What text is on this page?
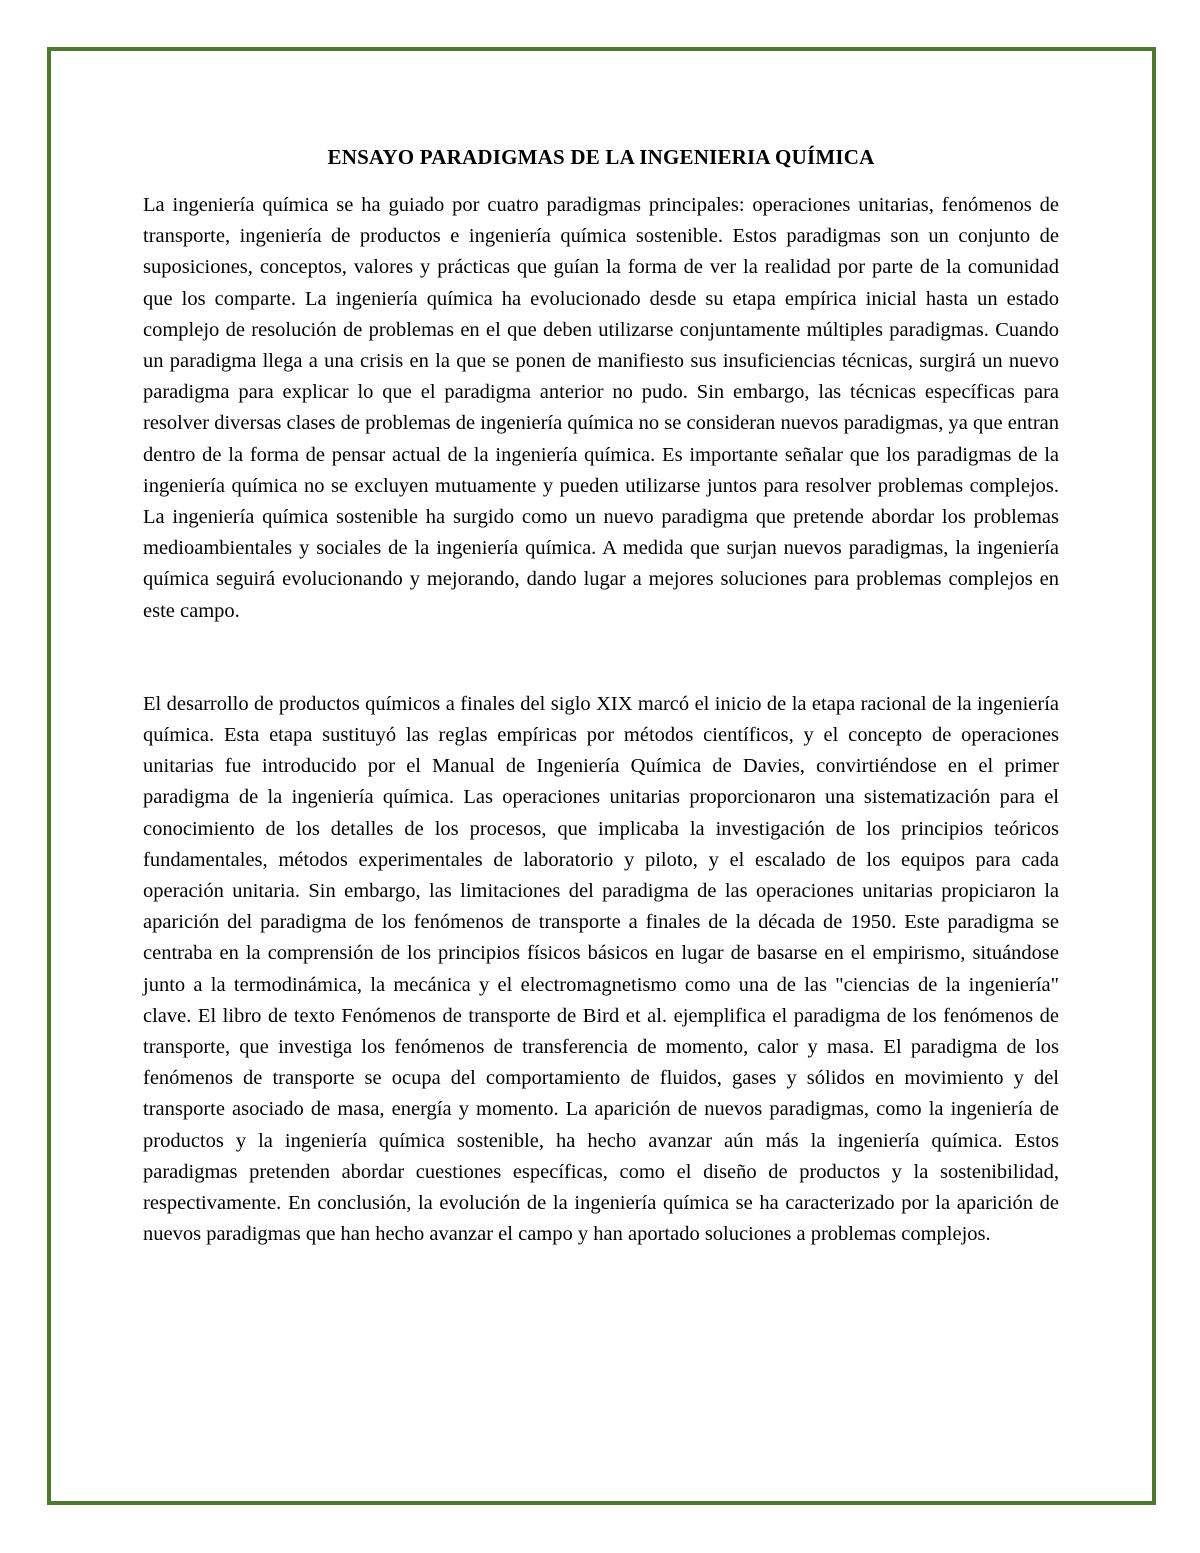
ENSAYO PARADIGMAS DE LA INGENIERIA QUÍMICA

La ingeniería química se ha guiado por cuatro paradigmas principales: operaciones unitarias, fenómenos de transporte, ingeniería de productos e ingeniería química sostenible. Estos paradigmas son un conjunto de suposiciones, conceptos, valores y prácticas que guían la forma de ver la realidad por parte de la comunidad que los comparte. La ingeniería química ha evolucionado desde su etapa empírica inicial hasta un estado complejo de resolución de problemas en el que deben utilizarse conjuntamente múltiples paradigmas. Cuando un paradigma llega a una crisis en la que se ponen de manifiesto sus insuficiencias técnicas, surgirá un nuevo paradigma para explicar lo que el paradigma anterior no pudo. Sin embargo, las técnicas específicas para resolver diversas clases de problemas de ingeniería química no se consideran nuevos paradigmas, ya que entran dentro de la forma de pensar actual de la ingeniería química. Es importante señalar que los paradigmas de la ingeniería química no se excluyen mutuamente y pueden utilizarse juntos para resolver problemas complejos. La ingeniería química sostenible ha surgido como un nuevo paradigma que pretende abordar los problemas medioambientales y sociales de la ingeniería química. A medida que surjan nuevos paradigmas, la ingeniería química seguirá evolucionando y mejorando, dando lugar a mejores soluciones para problemas complejos en este campo.

El desarrollo de productos químicos a finales del siglo XIX marcó el inicio de la etapa racional de la ingeniería química. Esta etapa sustituyó las reglas empíricas por métodos científicos, y el concepto de operaciones unitarias fue introducido por el Manual de Ingeniería Química de Davies, convirtiéndose en el primer paradigma de la ingeniería química. Las operaciones unitarias proporcionaron una sistematización para el conocimiento de los detalles de los procesos, que implicaba la investigación de los principios teóricos fundamentales, métodos experimentales de laboratorio y piloto, y el escalado de los equipos para cada operación unitaria. Sin embargo, las limitaciones del paradigma de las operaciones unitarias propiciaron la aparición del paradigma de los fenómenos de transporte a finales de la década de 1950. Este paradigma se centraba en la comprensión de los principios físicos básicos en lugar de basarse en el empirismo, situándose junto a la termodinámica, la mecánica y el electromagnetismo como una de las "ciencias de la ingeniería" clave. El libro de texto Fenómenos de transporte de Bird et al. ejemplifica el paradigma de los fenómenos de transporte, que investiga los fenómenos de transferencia de momento, calor y masa. El paradigma de los fenómenos de transporte se ocupa del comportamiento de fluidos, gases y sólidos en movimiento y del transporte asociado de masa, energía y momento. La aparición de nuevos paradigmas, como la ingeniería de productos y la ingeniería química sostenible, ha hecho avanzar aún más la ingeniería química. Estos paradigmas pretenden abordar cuestiones específicas, como el diseño de productos y la sostenibilidad, respectivamente. En conclusión, la evolución de la ingeniería química se ha caracterizado por la aparición de nuevos paradigmas que han hecho avanzar el campo y han aportado soluciones a problemas complejos.
